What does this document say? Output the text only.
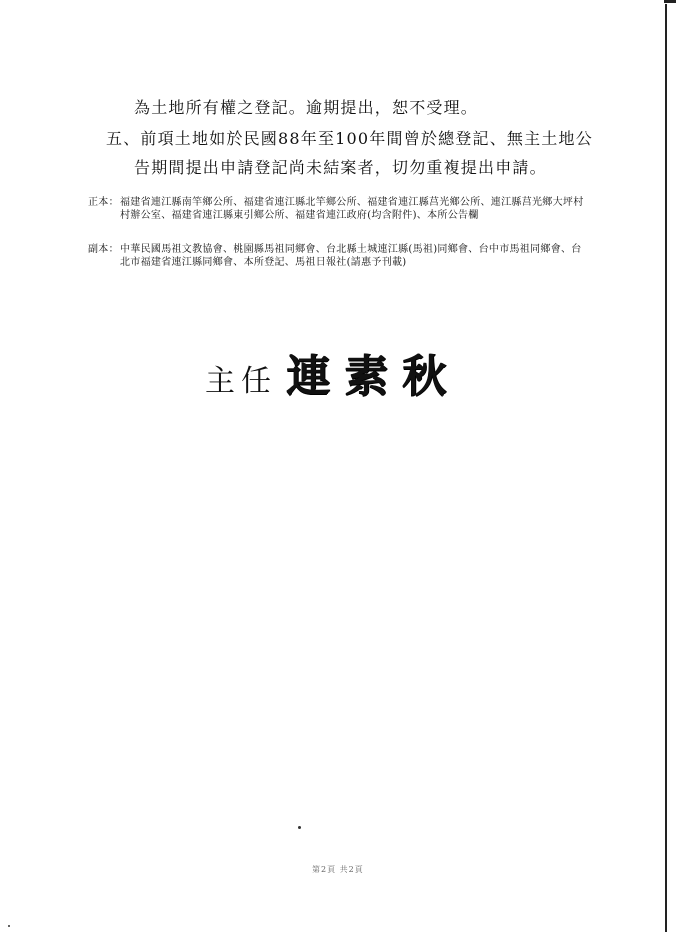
為土地所有權之登記。逾期提出，恕不受理。
五、前項土地如於民國88年至100年間曾於總登記、無主土地公
告期間提出申請登記尚未結案者，切勿重複提出申請。
正本： 福建省連江縣南竿鄉公所、福建省連江縣北竿鄉公所、福建省連江縣莒光鄉公所、連江縣莒光鄉大坪村村辦公室、福建省連江縣東引鄉公所、福建省連江政府(均含附件)、本所公告欄
副本： 中華民國馬祖文教協會、桃園縣馬祖同鄉會、台北縣土城連江縣(馬祖)同鄉會、台中市馬祖同鄉會、台北市福建省連江縣同鄉會、本所登記、馬祖日報社(請惠予刊載)
主任 連素秋
第2頁 共2頁
